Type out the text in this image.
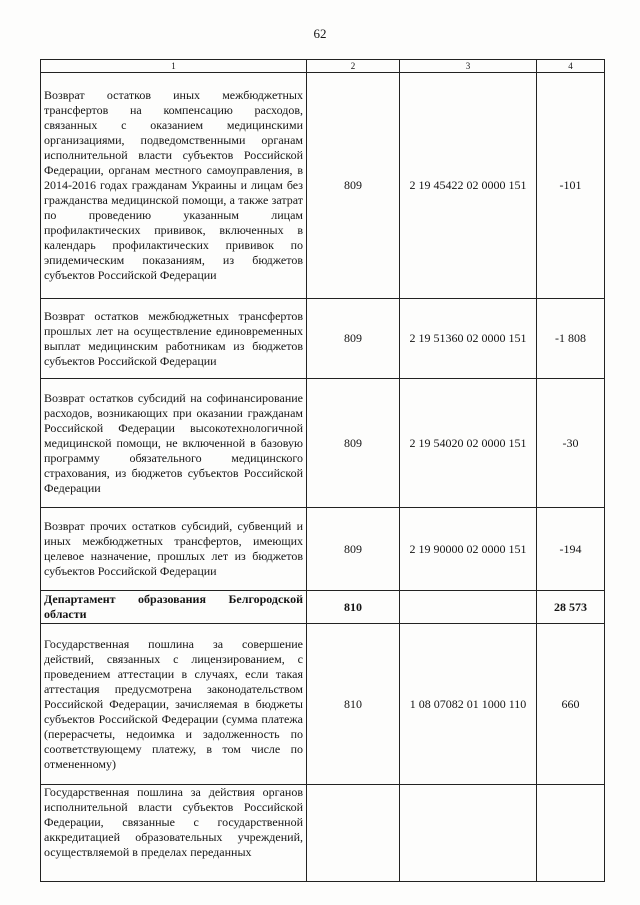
62
1	2	3	4
Возврат остатков иных межбюджетных трансфертов на компенсацию расходов, связанных с оказанием медицинскими организациями, подведомственными органам исполнительной власти субъектов Российской Федерации, органам местного самоуправления, в 2014-2016 годах гражданам Украины и лицам без гражданства медицинской помощи, а также затрат по проведению указанным лицам профилактических прививок, включенных в календарь профилактических прививок по эпидемическим показаниям, из бюджетов субъектов Российской Федерации	809	2 19 45422 02 0000 151	-101
Возврат остатков межбюджетных трансфертов прошлых лет на осуществление единовременных выплат медицинским работникам из бюджетов субъектов Российской Федерации	809	2 19 51360 02 0000 151	-1 808
Возврат остатков субсидий на софинансирование расходов, возникающих при оказании гражданам Российской Федерации высокотехнологичной медицинской помощи, не включенной в базовую программу обязательного медицинского страхования, из бюджетов субъектов Российской Федерации	809	2 19 54020 02 0000 151	-30
Возврат прочих остатков субсидий, субвенций и иных межбюджетных трансфертов, имеющих целевое назначение, прошлых лет из бюджетов субъектов Российской Федерации	809	2 19 90000 02 0000 151	-194
Департамент образования Белгородской области	810		28 573
Государственная пошлина за совершение действий, связанных с лицензированием, с проведением аттестации в случаях, если такая аттестация предусмотрена законодательством Российской Федерации, зачисляемая в бюджеты субъектов Российской Федерации (сумма платежа (перерасчеты, недоимка и задолженность по соответствующему платежу, в том числе по отмененному)	810	1 08 07082 01 1000 110	660
Государственная пошлина за действия органов исполнительной власти субъектов Российской Федерации, связанные с государственной аккредитацией образовательных учреждений, осуществляемой в пределах переданных			
